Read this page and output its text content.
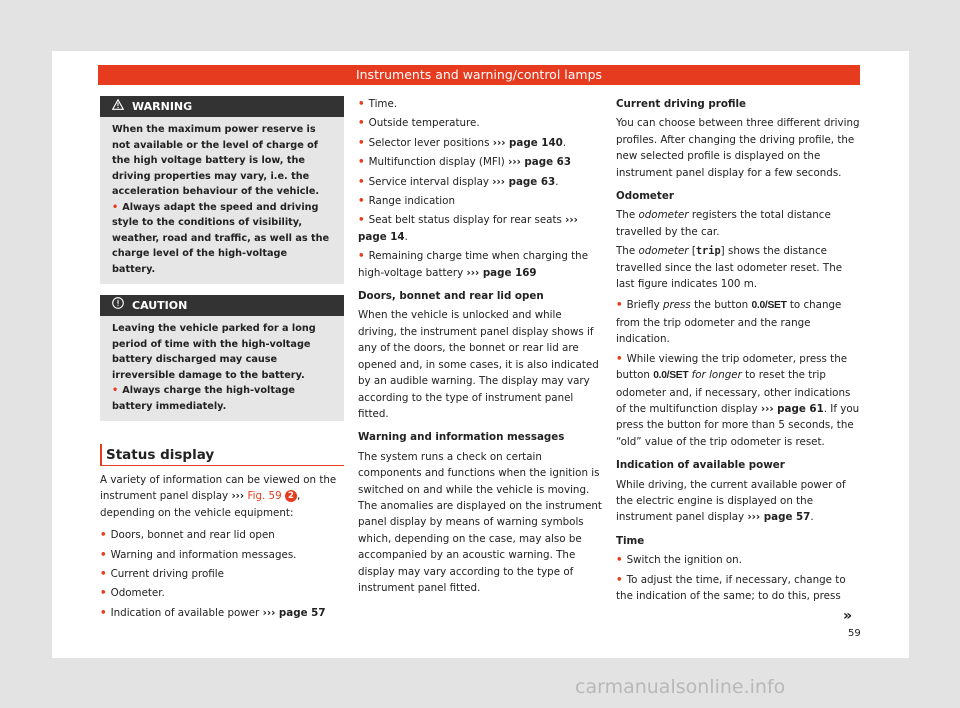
Instruments and warning/control lamps
WARNING
When the maximum power reserve is not available or the level of charge of the high voltage battery is low, the driving properties may vary, i.e. the acceleration behaviour of the vehicle.
• Always adapt the speed and driving style to the conditions of visibility, weather, road and traffic, as well as the charge level of the high-voltage battery.
CAUTION
Leaving the vehicle parked for a long period of time with the high-voltage battery discharged may cause irreversible damage to the battery.
• Always charge the high-voltage battery immediately.
Status display

A variety of information can be viewed on the instrument panel display ››› Fig. 59 2 , depending on the vehicle equipment:

• Doors, bonnet and rear lid open
• Warning and information messages.
• Current driving profile
• Odometer.
• Indication of available power ››› page 57
• Time.
• Outside temperature.
• Selector lever positions ››› page 140.
• Multifunction display (MFI) ››› page 63
• Service interval display ››› page 63.
• Range indication
• Seat belt status display for rear seats ››› page 14.
• Remaining charge time when charging the high-voltage battery ››› page 169

Doors, bonnet and rear lid open

When the vehicle is unlocked and while driving, the instrument panel display shows if any of the doors, the bonnet or rear lid are opened and, in some cases, it is also indicated by an audible warning. The display may vary according to the type of instrument panel fitted.

Warning and information messages

The system runs a check on certain components and functions when the ignition is switched on and while the vehicle is moving. The anomalies are displayed on the instrument panel display by means of warning symbols which, depending on the case, may also be accompanied by an acoustic warning. The display may vary according to the type of instrument panel fitted.

Current driving profile

You can choose between three different driving profiles. After changing the driving profile, the new selected profile is displayed on the instrument panel display for a few seconds.

Odometer

The odometer registers the total distance travelled by the car.

The odometer [trip] shows the distance travelled since the last odometer reset. The last figure indicates 100 m.

• Briefly press the button 0.0/SET to change from the trip odometer and the range indication.
• While viewing the trip odometer, press the button 0.0/SET for longer to reset the trip odometer and, if necessary, other indications of the multifunction display ››› page 61. If you press the button for more than 5 seconds, the “old” value of the trip odometer is reset.

Indication of available power

While driving, the current available power of the electric engine is displayed on the instrument panel display ››› page 57.

Time

• Switch the ignition on.
• To adjust the time, if necessary, change to the indication of the same; to do this, press
»
59
carmanualsonline.info
